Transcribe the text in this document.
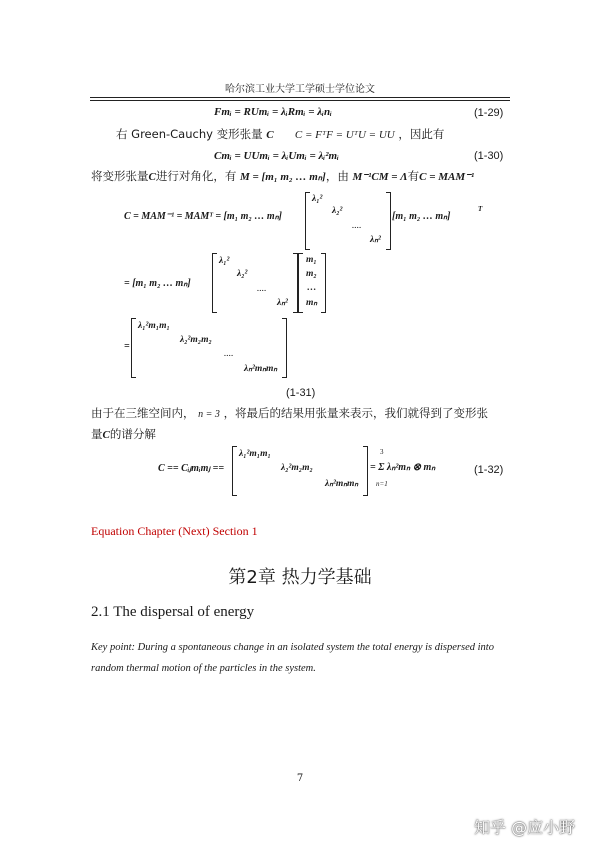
哈尔滨工业大学工学硕士学位论文
Fmᵢ = RUmᵢ = λᵢRmᵢ = λᵢnᵢ	(1-29)
右 Green-Cauchy 变形张量 C C = FᵀF = UᵀU = UU ，因此有
Cmᵢ = UUmᵢ = λᵢUmᵢ = λᵢ²mᵢ	(1-30)
将变形张量C进行对角化，有 M = [m₁ m₂ … mₙ]，由 M⁻¹CM = Λ有C = MAM⁻¹
C = MAM⁻¹ = MAMᵀ = [m₁ m₂ … mₙ]
λ₁²
λ₂²
....
λₙ²
[m₁ m₂ … mₙ]
T
= [m₁ m₂ … mₙ]
λ₁²
λ₂²
....
λₙ²
m₁
m₂
…
mₙ
=
λ₁²m₁m₁
λ₂²m₂m₂
....
λₙ²mₙmₙ
(1-31)
由于在三维空间内， n = 3 ，将最后的结果用张量来表示，我们就得到了变形张
量C的谱分解
C == Cᵢⱼmᵢmⱼ ==
λ₁²m₁m₁
λ₂²m₂m₂
λₙ²mₙmₙ
3
= Σ λₙ²mₙ ⊗ mₙ
n=1
(1-32)
Equation Chapter (Next) Section 1
第2章 热力学基础
2.1 The dispersal of energy
Key point: During a spontaneous change in an isolated system the total energy is dispersed into
random thermal motion of the particles in the system.
7
知乎 @应小野
